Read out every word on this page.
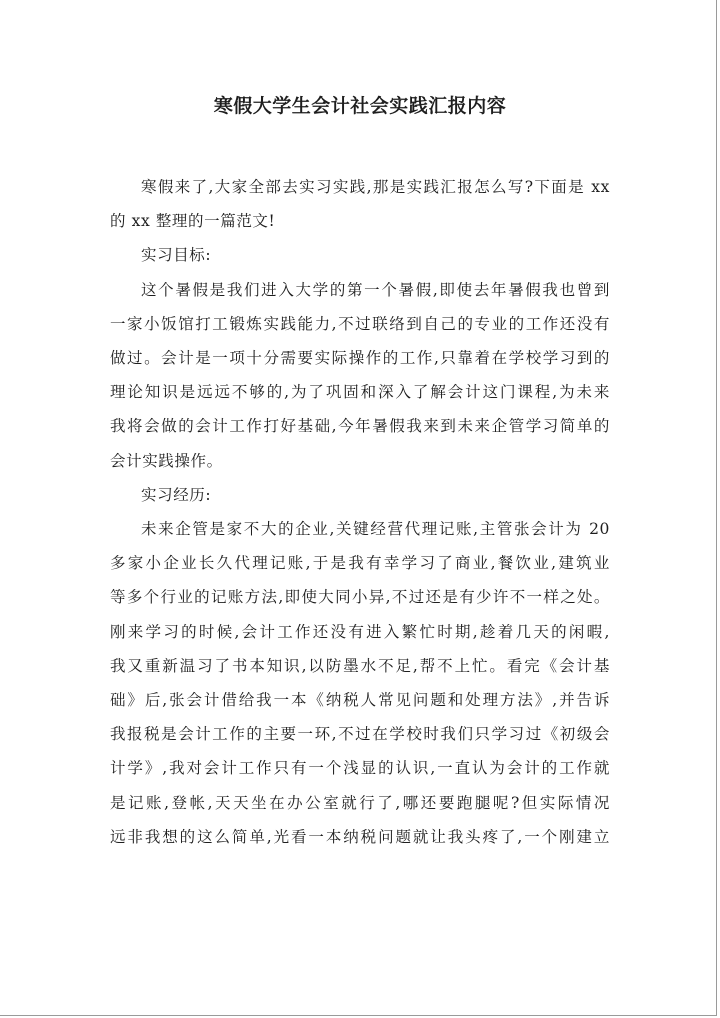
寒假大学生会计社会实践汇报内容
寒假来了,大家全部去实习实践,那是实践汇报怎么写?下面是 xx
的 xx 整理的一篇范文!
实习目标:
这个暑假是我们进入大学的第一个暑假,即使去年暑假我也曾到
一家小饭馆打工锻炼实践能力,不过联络到自己的专业的工作还没有
做过。会计是一项十分需要实际操作的工作,只靠着在学校学习到的
理论知识是远远不够的,为了巩固和深入了解会计这门课程,为未来
我将会做的会计工作打好基础,今年暑假我来到未来企管学习简单的
会计实践操作。
实习经历:
未来企管是家不大的企业,关键经营代理记账,主管张会计为 20
多家小企业长久代理记账,于是我有幸学习了商业,餐饮业,建筑业
等多个行业的记账方法,即使大同小异,不过还是有少许不一样之处。
刚来学习的时候,会计工作还没有进入繁忙时期,趁着几天的闲暇,
我又重新温习了书本知识,以防墨水不足,帮不上忙。看完《会计基
础》后,张会计借给我一本《纳税人常见问题和处理方法》,并告诉
我报税是会计工作的主要一环,不过在学校时我们只学习过《初级会
计学》,我对会计工作只有一个浅显的认识,一直认为会计的工作就
是记账,登帐,天天坐在办公室就行了,哪还要跑腿呢?但实际情况
远非我想的这么简单,光看一本纳税问题就让我头疼了,一个刚建立
